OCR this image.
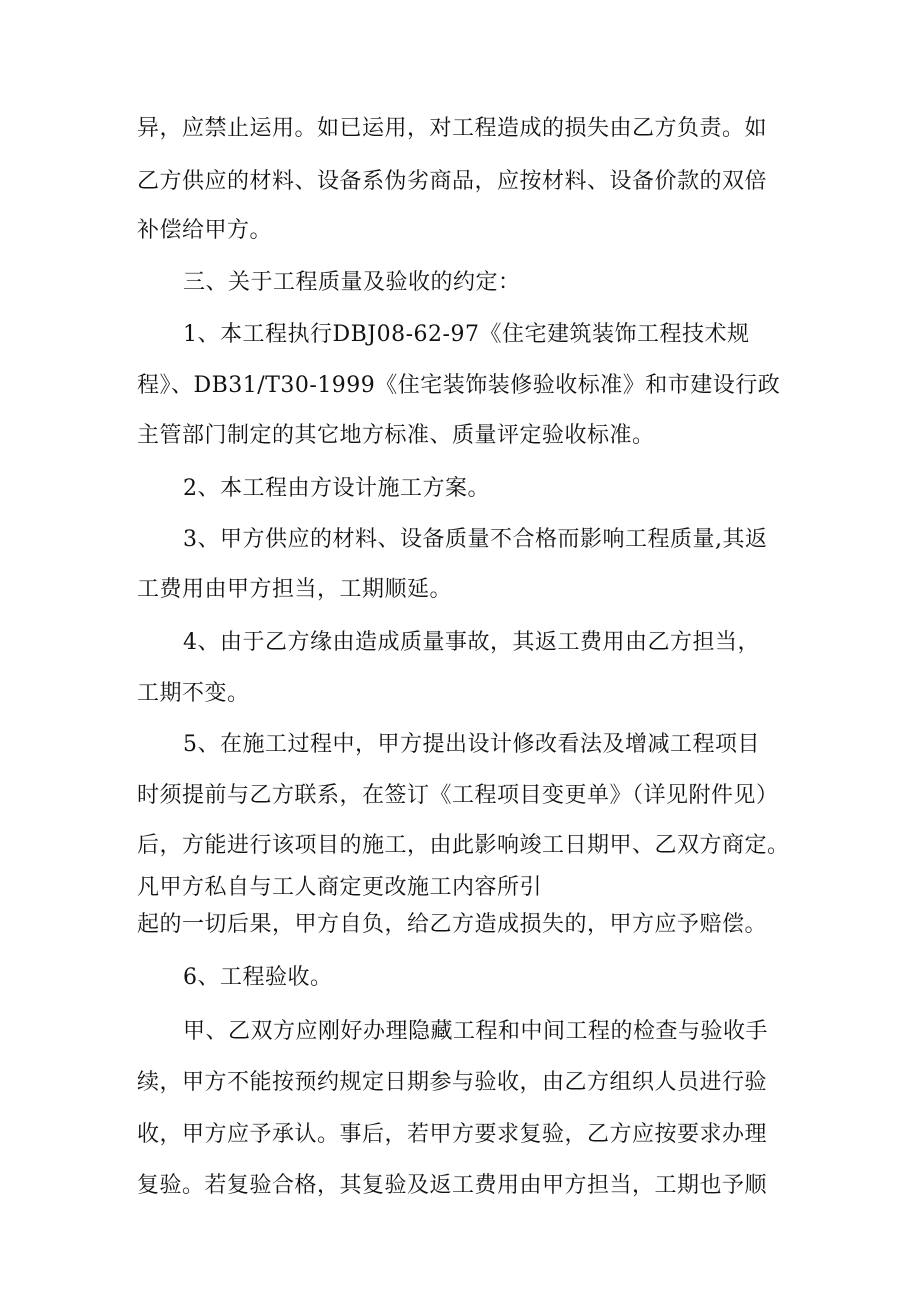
异，应禁止运用。如已运用，对工程造成的损失由乙方负责。如
乙方供应的材料、设备系伪劣商品，应按材料、设备价款的双倍
补偿给甲方。
三、关于工程质量及验收的约定：
1、本工程执行DBJ08-62-97《住宅建筑装饰工程技术规
程》、DB31/T30-1999《住宅装饰装修验收标准》和市建设行政
主管部门制定的其它地方标准、质量评定验收标准。
2、本工程由方设计施工方案。
3、甲方供应的材料、设备质量不合格而影响工程质量,其返
工费用由甲方担当，工期顺延。
4、由于乙方缘由造成质量事故，其返工费用由乙方担当，
工期不变。
5、在施工过程中，甲方提出设计修改看法及增减工程项目
时须提前与乙方联系，在签订《工程项目变更单》（详见附件见）
后，方能进行该项目的施工，由此影响竣工日期甲、乙双方商定。
凡甲方私自与工人商定更改施工内容所引
起的一切后果，甲方自负，给乙方造成损失的，甲方应予赔偿。
6、工程验收。
甲、乙双方应刚好办理隐藏工程和中间工程的检查与验收手
续，甲方不能按预约规定日期参与验收，由乙方组织人员进行验
收，甲方应予承认。事后，若甲方要求复验，乙方应按要求办理
复验。若复验合格，其复验及返工费用由甲方担当，工期也予顺
